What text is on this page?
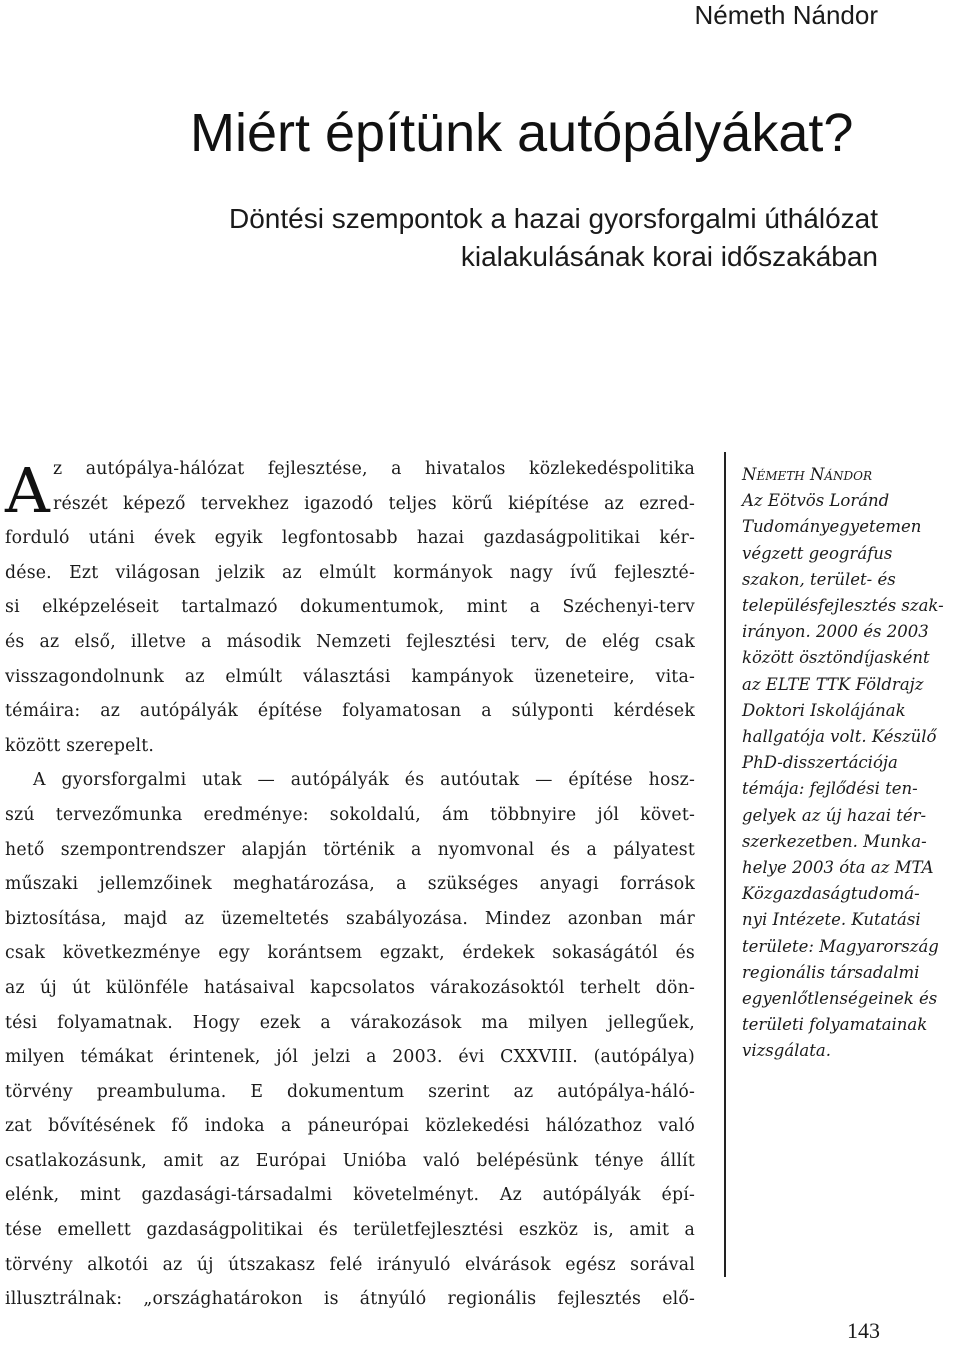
Németh Nándor
Miért építünk autópályákat?
Döntési szempontok a hazai gyorsforgalmi úthálózat
kialakulásának korai időszakában
A z autópálya-hálózat fejlesztése, a hivatalos közlekedéspolitika
részét képező tervekhez igazodó teljes körű kiépítése az ezred-
forduló utáni évek egyik legfontosabb hazai gazdaságpolitikai kér-
dése. Ezt világosan jelzik az elmúlt kormányok nagy ívű fejleszté-
si elképzeléseit tartalmazó dokumentumok, mint a Széchenyi-terv
és az első, illetve a második Nemzeti fejlesztési terv, de elég csak
visszagondolnunk az elmúlt választási kampányok üzeneteire, vita-
témáira: az autópályák építése folyamatosan a súlyponti kérdések
között szerepelt.
A gyorsforgalmi utak — autópályák és autóutak — építése hosz-
szú tervezőmunka eredménye: sokoldalú, ám többnyire jól követ-
hető szempontrendszer alapján történik a nyomvonal és a pályatest
műszaki jellemzőinek meghatározása, a szükséges anyagi források
biztosítása, majd az üzemeltetés szabályozása. Mindez azonban már
csak következménye egy korántsem egzakt, érdekek sokaságától és
az új út különféle hatásaival kapcsolatos várakozásoktól terhelt dön-
tési folyamatnak. Hogy ezek a várakozások ma milyen jellegűek,
milyen témákat érintenek, jól jelzi a 2003. évi CXXVIII. (autópálya)
törvény preambuluma. E dokumentum szerint az autópálya-háló-
zat bővítésének fő indoka a páneurópai közlekedési hálózathoz való
csatlakozásunk, amit az Európai Unióba való belépésünk tényе állít
elénk, mint gazdasági-társadalmi követelményt. Az autópályák épí-
tése emellett gazdaságpolitikai és területfejlesztési eszköz is, amit a
törvény alkotói az új útszakasz felé irányuló elvárások egész sorával
illusztrálnak: „országhatárokon is átnyúló regionális fejlesztés elő-
Németh Nándor
Az Eötvös Loránd
Tudományegyetemen
végzett geográfus
szakon, terület- és
településfejlesztés szak-
irányon. 2000 és 2003
között ösztöndíjasként
az ELTE TTK Földrajz
Doktori Iskolájának
hallgatója volt. Készülő
PhD-disszertációja
témája: fejlődési ten-
gelyek az új hazai tér-
szerkezetben. Munka-
helye 2003 óta az MTA
Közgazdaságtudomá-
nyi Intézete. Kutatási
területe: Magyarország
regionális társadalmi
egyenlőtlenségeinek és
területi folyamatainak
vizsgálata.
143
